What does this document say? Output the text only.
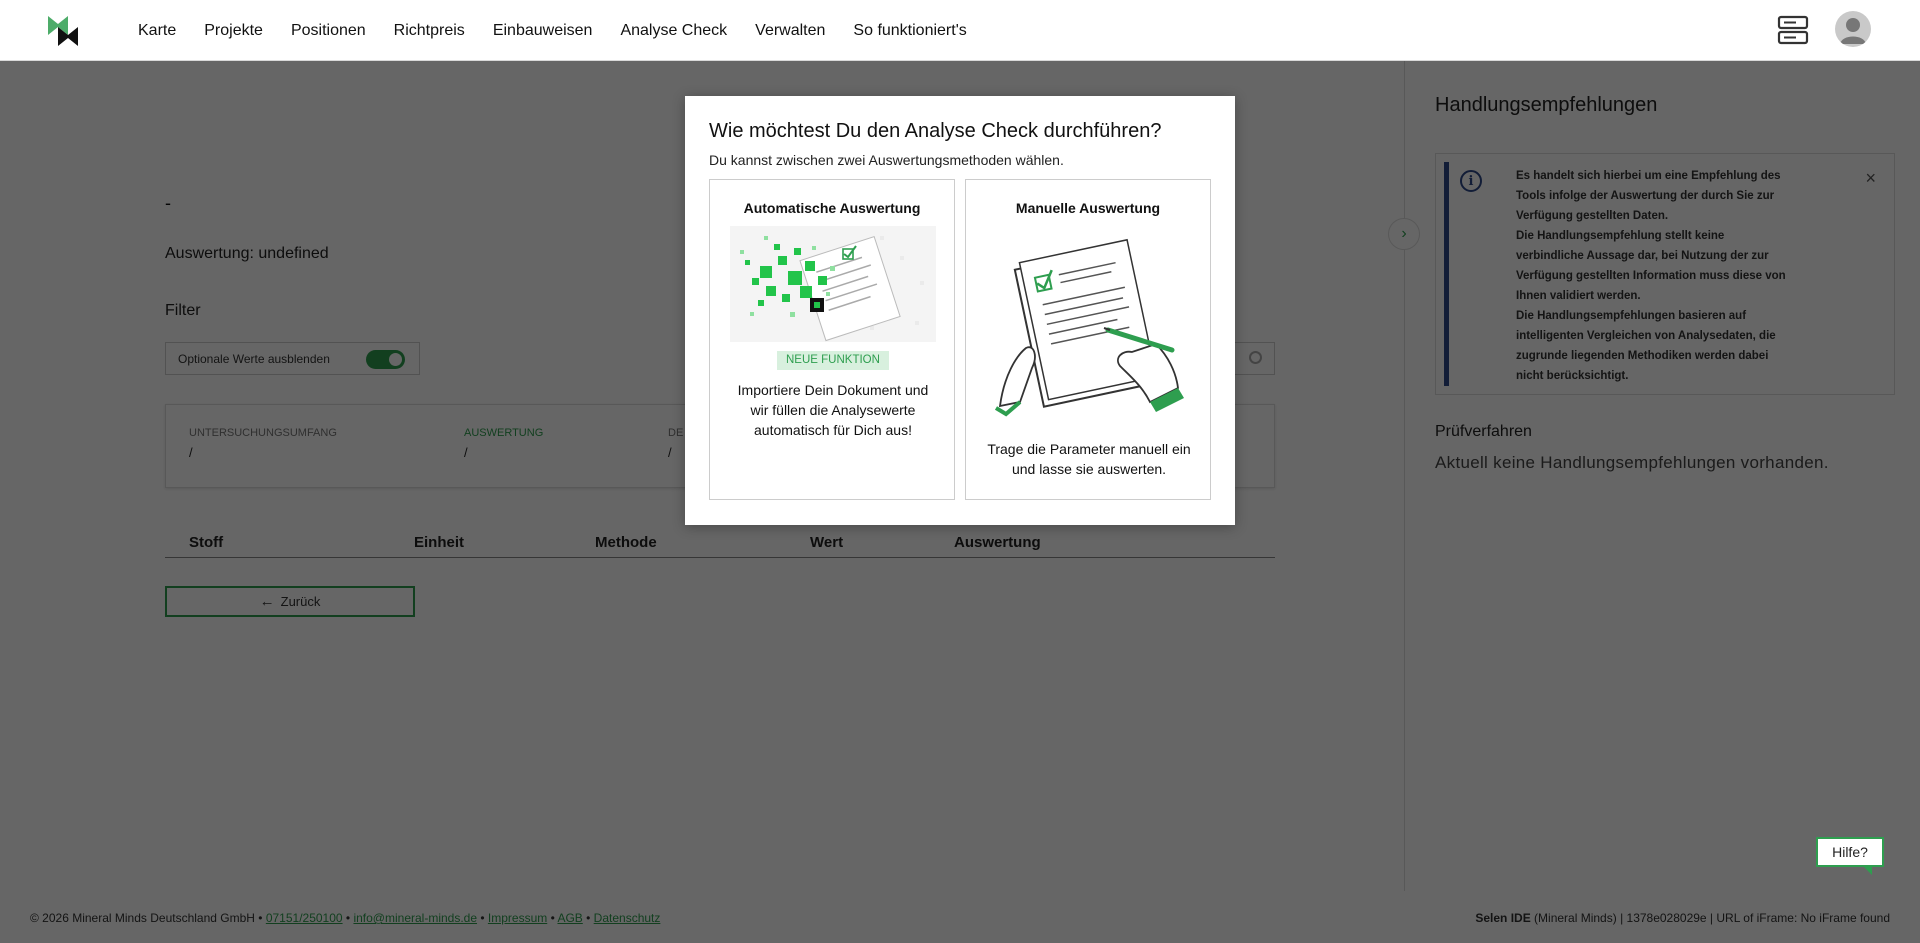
Karte Projekte Positionen Richtpreis Einbauweisen Analyse Check Verwalten So funktioniert's
Hilfe?
Wie möchtest Du den Analyse Check durchführen?
Du kannst zwischen zwei Auswertungsmethoden wählen.
Automatische Auswertung
NEUE FUNKTION
Importiere Dein Dokument und
wir füllen die Analysewerte
automatisch für Dich aus!
Manuelle Auswertung
Trage die Parameter manuell ein
und lasse sie auswerten.
